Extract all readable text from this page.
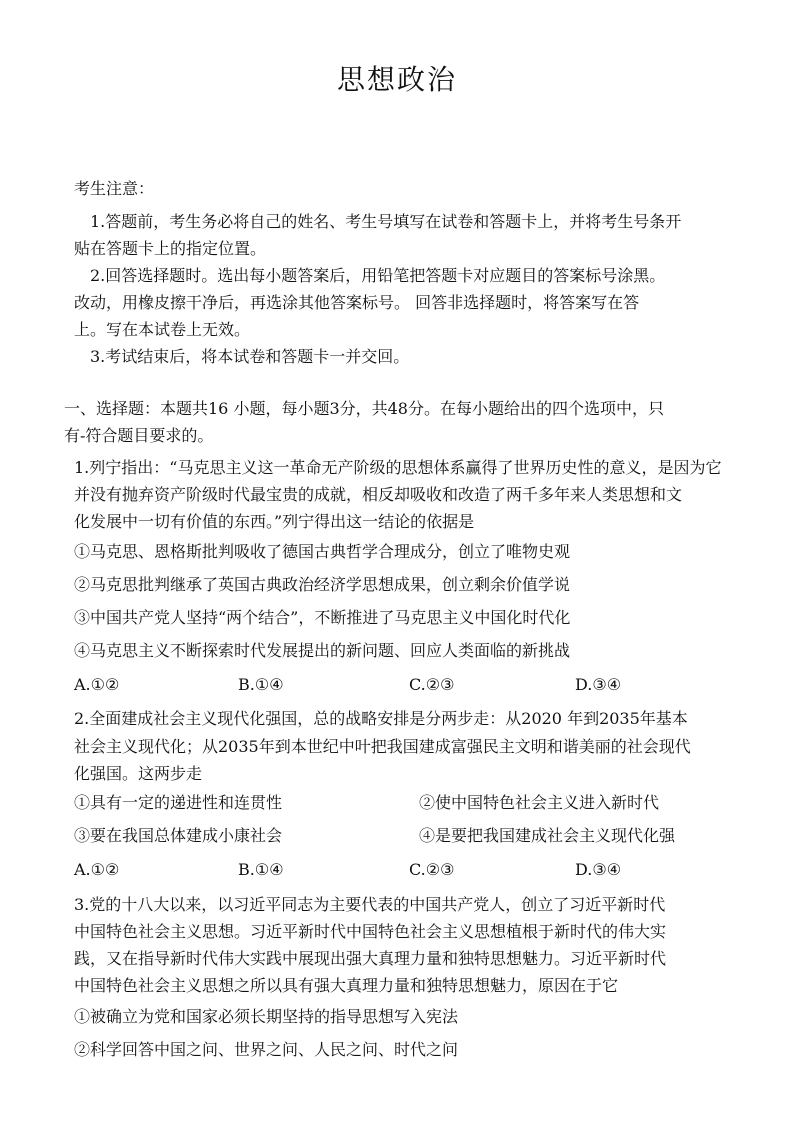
思想政治
考生注意：
1.答题前，考生务必将自己的姓名、考生号填写在试卷和答题卡上，并将考生号条开
贴在答题卡上的指定位置。
2.回答选择题时。选出每小题答案后，用铅笔把答题卡对应题目的答案标号涂黑。
改动，用橡皮擦干净后，再选涂其他答案标号。 回答非选择题时，将答案写在答
上。写在本试卷上无效。
3.考试结束后，将本试卷和答题卡一并交回。
一、选择题：本题共16 小题，每小题3分，共48分。在每小题给出的四个选项中，只
有-符合题目要求的。
1.列宁指出：“马克思主义这一革命无产阶级的思想体系赢得了世界历史性的意义，是因为它
并没有抛弃资产阶级时代最宝贵的成就，相反却吸收和改造了两千多年来人类思想和文
化发展中一切有价值的东西。”列宁得出这一结论的依据是
①马克思、恩格斯批判吸收了德国古典哲学合理成分，创立了唯物史观
②马克思批判继承了英国古典政治经济学思想成果，创立剩余价值学说
③中国共产党人坚持“两个结合”，不断推进了马克思主义中国化时代化
④马克思主义不断探索时代发展提出的新问题、回应人类面临的新挑战
A.①②	B.①④	C.②③	D.③④
2.全面建成社会主义现代化强国，总的战略安排是分两步走：从2020 年到2035年基本
社会主义现代化；从2035年到本世纪中叶把我国建成富强民主文明和谐美丽的社会现代
化强国。这两步走
①具有一定的递进性和连贯性	②使中国特色社会主义进入新时代
③要在我国总体建成小康社会	④是要把我国建成社会主义现代化强
A.①②	B.①④	C.②③	D.③④
3.党的十八大以来，以习近平同志为主要代表的中国共产党人，创立了习近平新时代
中国特色社会主义思想。习近平新时代中国特色社会主义思想植根于新时代的伟大实
践，又在指导新时代伟大实践中展现出强大真理力量和独特思想魅力。习近平新时代
中国特色社会主义思想之所以具有强大真理力量和独特思想魅力，原因在于它
①被确立为党和国家必须长期坚持的指导思想写入宪法
②科学回答中国之问、世界之问、人民之问、时代之问
